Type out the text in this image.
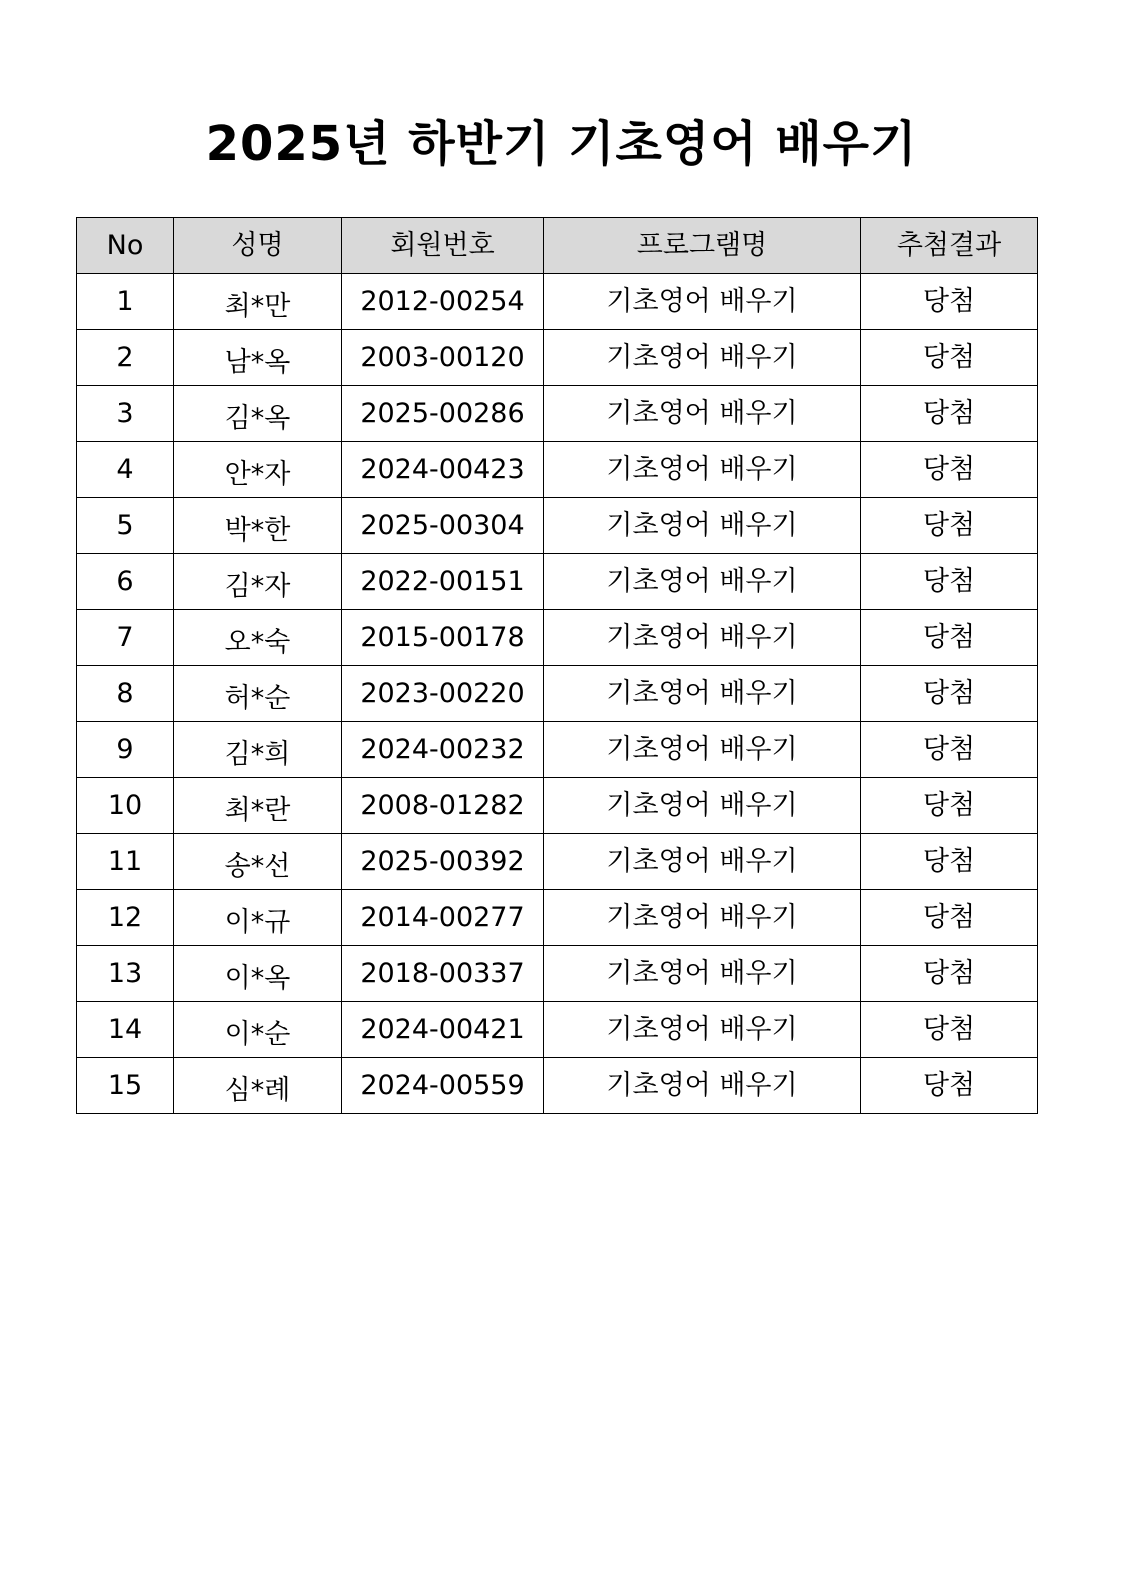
2025년 하반기 기초영어 배우기
No	성명	회원번호	프로그램명	추첨결과
1	최*만	2012-00254	기초영어 배우기	당첨
2	남*옥	2003-00120	기초영어 배우기	당첨
3	김*옥	2025-00286	기초영어 배우기	당첨
4	안*자	2024-00423	기초영어 배우기	당첨
5	박*한	2025-00304	기초영어 배우기	당첨
6	김*자	2022-00151	기초영어 배우기	당첨
7	오*숙	2015-00178	기초영어 배우기	당첨
8	허*순	2023-00220	기초영어 배우기	당첨
9	김*희	2024-00232	기초영어 배우기	당첨
10	최*란	2008-01282	기초영어 배우기	당첨
11	송*선	2025-00392	기초영어 배우기	당첨
12	이*규	2014-00277	기초영어 배우기	당첨
13	이*옥	2018-00337	기초영어 배우기	당첨
14	이*순	2024-00421	기초영어 배우기	당첨
15	심*례	2024-00559	기초영어 배우기	당첨
